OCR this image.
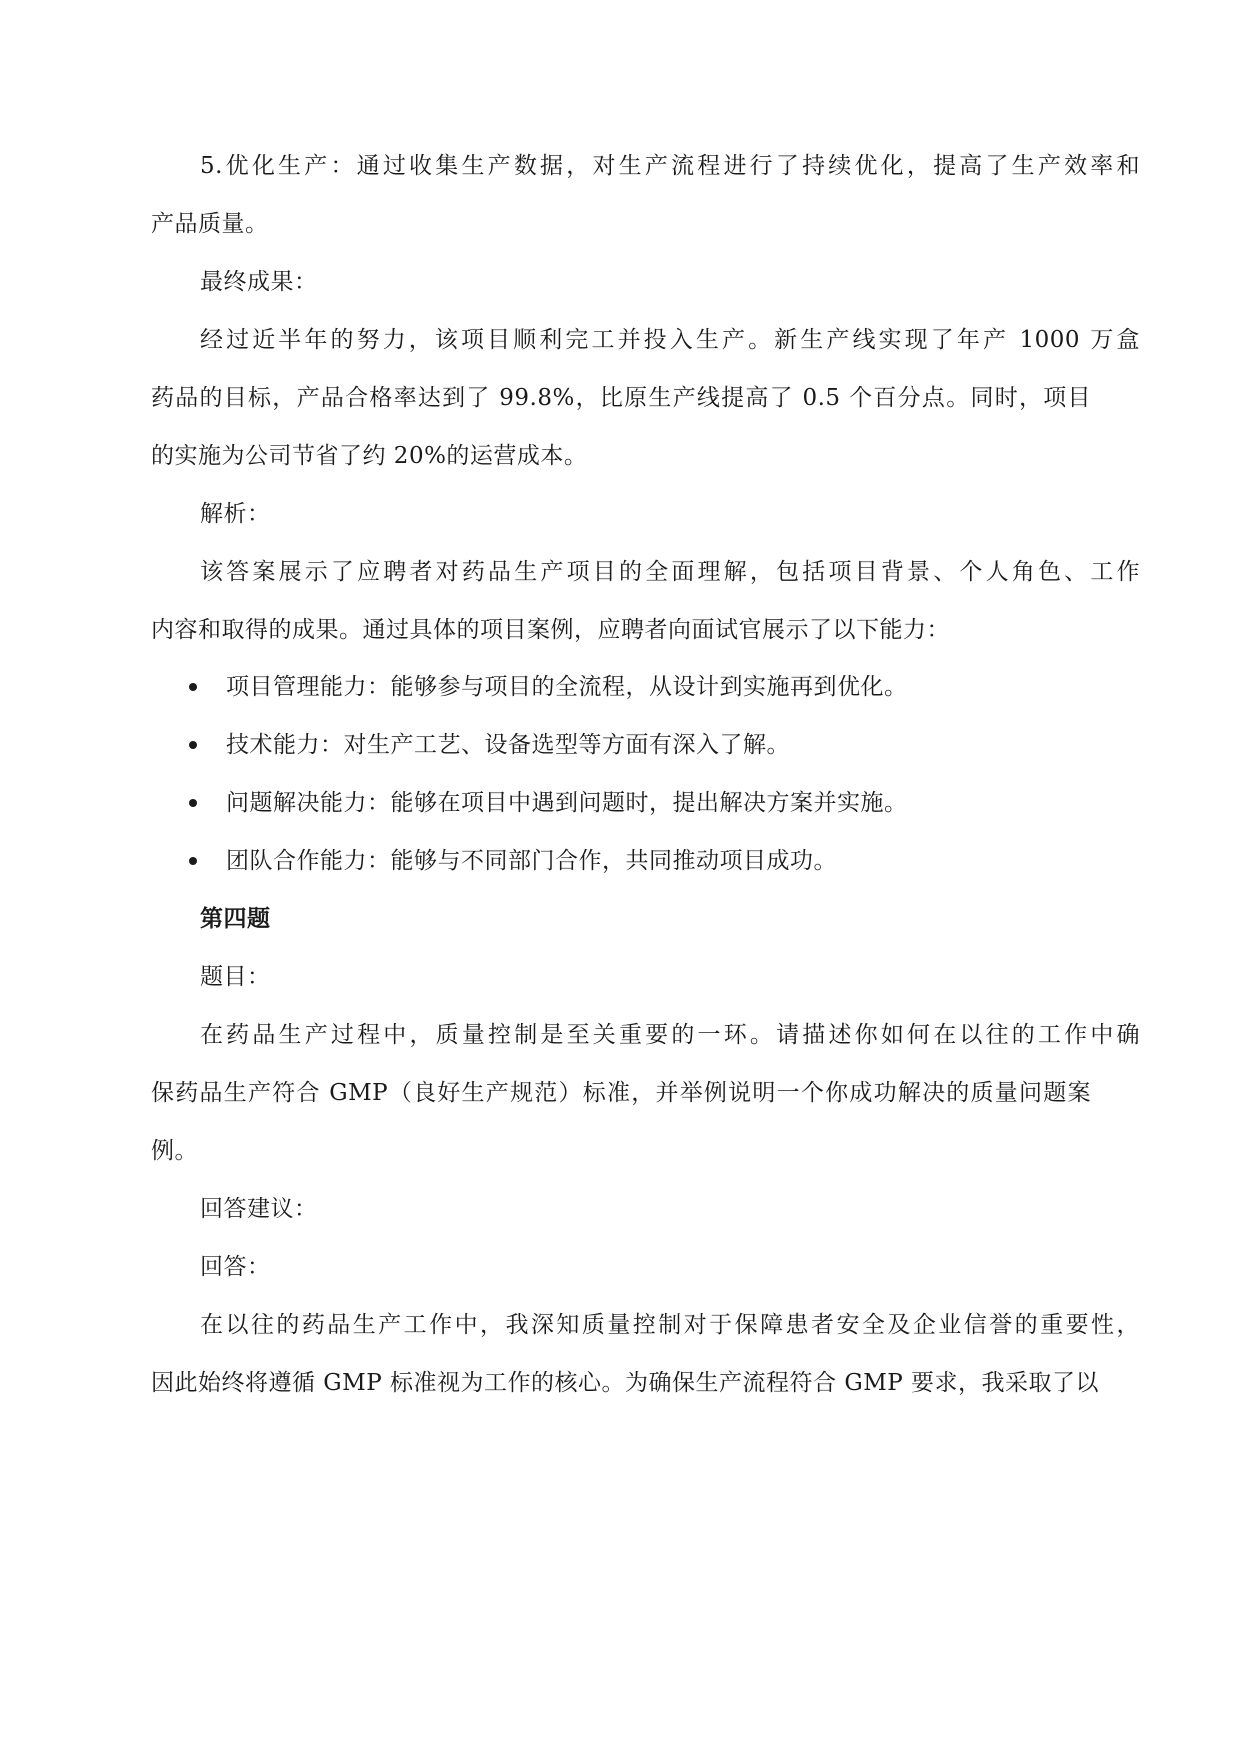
5.优化生产：通过收集生产数据，对生产流程进行了持续优化，提高了生产效率和
产品质量。
最终成果：
经过近半年的努力，该项目顺利完工并投入生产。新生产线实现了年产 1000 万盒
药品的目标，产品合格率达到了 99.8%，比原生产线提高了 0.5 个百分点。同时，项目
的实施为公司节省了约 20%的运营成本。
解析：
该答案展示了应聘者对药品生产项目的全面理解，包括项目背景、个人角色、工作
内容和取得的成果。通过具体的项目案例，应聘者向面试官展示了以下能力：
项目管理能力：能够参与项目的全流程，从设计到实施再到优化。
技术能力：对生产工艺、设备选型等方面有深入了解。
问题解决能力：能够在项目中遇到问题时，提出解决方案并实施。
团队合作能力：能够与不同部门合作，共同推动项目成功。
第四题
题目：
在药品生产过程中，质量控制是至关重要的一环。请描述你如何在以往的工作中确
保药品生产符合 GMP（良好生产规范）标准，并举例说明一个你成功解决的质量问题案
例。
回答建议：
回答：
在以往的药品生产工作中，我深知质量控制对于保障患者安全及企业信誉的重要性，
因此始终将遵循 GMP 标准视为工作的核心。为确保生产流程符合 GMP 要求，我采取了以
